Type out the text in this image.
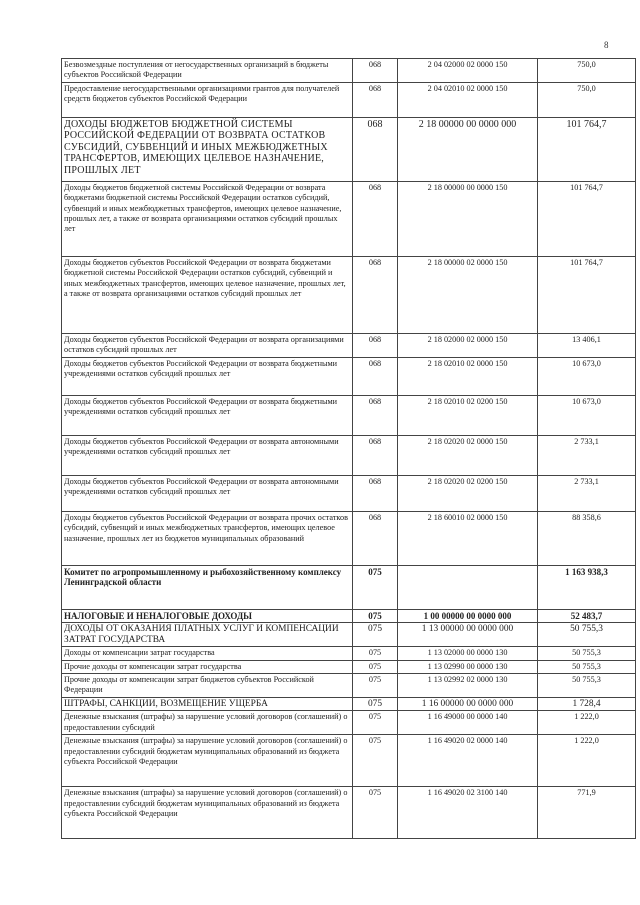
8
Безвозмездные поступления от негосударственных организаций в бюджеты субъектов Российской Федерации	068	2 04 02000 02 0000 150	750,0
Предоставление негосударственными организациями грантов для получателей средств бюджетов субъектов Российской Федерации	068	2 04 02010 02 0000 150	750,0
ДОХОДЫ БЮДЖЕТОВ БЮДЖЕТНОЙ СИСТЕМЫ РОССИЙСКОЙ ФЕДЕРАЦИИ ОТ ВОЗВРАТА ОСТАТКОВ СУБСИДИЙ, СУБВЕНЦИЙ И ИНЫХ МЕЖБЮДЖЕТНЫХ ТРАНСФЕРТОВ, ИМЕЮЩИХ ЦЕЛЕВОЕ НАЗНАЧЕНИЕ, ПРОШЛЫХ ЛЕТ	068	2 18 00000 00 0000 000	101 764,7
Доходы бюджетов бюджетной системы Российской Федерации от возврата бюджетами бюджетной системы Российской Федерации остатков субсидий, субвенций и иных межбюджетных трансфертов, имеющих целевое назначение, прошлых лет, а также от возврата организациями остатков субсидий прошлых лет	068	2 18 00000 00 0000 150	101 764,7
Доходы бюджетов субъектов Российской Федерации от возврата бюджетами бюджетной системы Российской Федерации остатков субсидий, субвенций и иных межбюджетных трансфертов, имеющих целевое назначение, прошлых лет, а также от возврата организациями остатков субсидий прошлых лет	068	2 18 00000 02 0000 150	101 764,7
Доходы бюджетов субъектов Российской Федерации от возврата организациями остатков субсидий прошлых лет	068	2 18 02000 02 0000 150	13 406,1
Доходы бюджетов субъектов Российской Федерации от возврата бюджетными учреждениями остатков субсидий прошлых лет	068	2 18 02010 02 0000 150	10 673,0
Доходы бюджетов субъектов Российской Федерации от возврата бюджетными учреждениями остатков субсидий прошлых лет	068	2 18 02010 02 0200 150	10 673,0
Доходы бюджетов субъектов Российской Федерации от возврата автономными учреждениями остатков субсидий прошлых лет	068	2 18 02020 02 0000 150	2 733,1
Доходы бюджетов субъектов Российской Федерации от возврата автономными учреждениями остатков субсидий прошлых лет	068	2 18 02020 02 0200 150	2 733,1
Доходы бюджетов субъектов Российской Федерации от возврата прочих остатков субсидий, субвенций и иных межбюджетных трансфертов, имеющих целевое назначение, прошлых лет из бюджетов муниципальных образований	068	2 18 60010 02 0000 150	88 358,6
Комитет по агропромышленному и рыбохозяйственному комплексу Ленинградской области	075		1 163 938,3
НАЛОГОВЫЕ И НЕНАЛОГОВЫЕ ДОХОДЫ	075	1 00 00000 00 0000 000	52 483,7
ДОХОДЫ ОТ ОКАЗАНИЯ ПЛАТНЫХ УСЛУГ И КОМПЕНСАЦИИ ЗАТРАТ ГОСУДАРСТВА	075	1 13 00000 00 0000 000	50 755,3
Доходы от компенсации затрат государства	075	1 13 02000 00 0000 130	50 755,3
Прочие доходы от компенсации затрат государства	075	1 13 02990 00 0000 130	50 755,3
Прочие доходы от компенсации затрат бюджетов субъектов Российской Федерации	075	1 13 02992 02 0000 130	50 755,3
ШТРАФЫ, САНКЦИИ, ВОЗМЕЩЕНИЕ УЩЕРБА	075	1 16 00000 00 0000 000	1 728,4
Денежные взыскания (штрафы) за нарушение условий договоров (соглашений) о предоставлении субсидий	075	1 16 49000 00 0000 140	1 222,0
Денежные взыскания (штрафы) за нарушение условий договоров (соглашений) о предоставлении субсидий бюджетам муниципальных образований из бюджета субъекта Российской Федерации	075	1 16 49020 02 0000 140	1 222,0
Денежные взыскания (штрафы) за нарушение условий договоров (соглашений) о предоставлении субсидий бюджетам муниципальных образований из бюджета субъекта Российской Федерации	075	1 16 49020 02 3100 140	771,9
